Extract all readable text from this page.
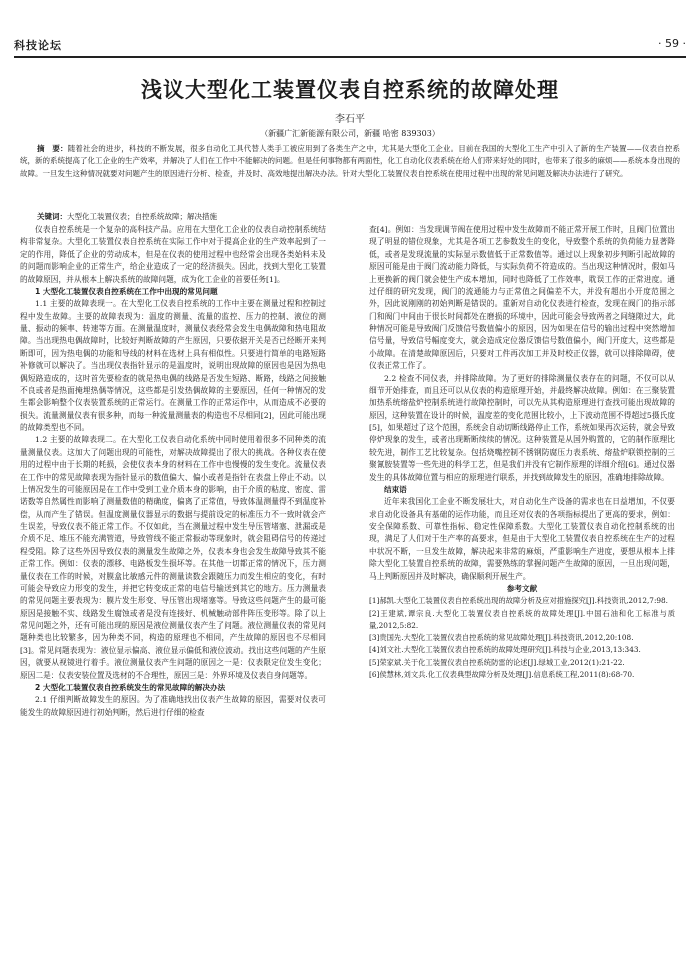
科技论坛	· 59 ·
浅议大型化工装置仪表自控系统的故障处理
李石平
（新疆广汇新能源有限公司，新疆 哈密 839303）
摘　要：随着社会的进步，科技的不断发展，很多自动化工具代替人类手工被应用到了各类生产之中，尤其是大型化工企业。目前在我国的大型化工生产中引入了新的生产装置——仪表自控系统，新的系统提高了化工企业的生产效率，并解决了人们在工作中不能解决的问题。但是任何事物都有两面性，化工自动化仪表系统在给人们带来好处的同时，也带来了很多的麻烦——系统本身出现的故障。一旦发生这种情况就要对问题产生的原因进行分析、检查，并及时、高效地提出解决办法。针对大型化工装置仪表自控系统在使用过程中出现的常见问题及解决办法进行了研究。
关键词：大型化工装置仪表；自控系统故障；解决措施

仪表自控系统是一个复杂的高科技产品。应用在大型化工企业的仪表自动控制系统结构非常复杂。大型化工装置仪表自控系统在实际工作中对于提高企业的生产效率起到了一定的作用，降低了企业的劳动成本，但是在仪表的使用过程中也经常会出现各类始料未及的问题而影响企业的正常生产，给企业造成了一定的经济损失。因此，找到大型化工装置的故障原因，并从根本上解决系统的故障问题，成为化工企业的首要任务[1]。

1 大型化工装置仪表自控系统在工作中出现的常见问题

1.1 主要的故障表现一。在大型化工仪表自控系统的工作中主要在测量过程和控制过程中发生故障。主要的故障表现为：温度的测量、流量的监控、压力的控制、液位的测量、振动的频率、转速等方面。在测量温度时，测量仪表经常会发生电偶故障和热电阻故障。当出现热电偶故障时，比较好判断故障的产生原因，只要依据开关是否已经断开来判断即可，因为热电偶的功能和导线的材料在选材上具有相似性。只要进行简单的电路短路补修就可以解决了。当出现仪表指针显示的是温度时，说明出现故障的原因也是因为热电偶短路造成的，这时首先要检查的就是热电偶的线路是否发生短路、断路，线路之间接触不良或者是热面掩埋热偶等情况，这些都是引发热偶故障的主要原因，任何一种情况的发生都会影响整个仪表装置系统的正常运行。在测量工作的正常运作中，从而造成不必要的损失。流量测量仪表有很多种，而每一种流量测量表的构造也不尽相同[2]，因此可能出现的故障类型也不同。

1.2 主要的故障表现二。在大型化工仪表自动化系统中同时使用着很多不同种类的流量测量仪表。这加大了问题出现的可能性，对解决故障提出了很大的挑战。各种仪表在使用的过程中由于长期的耗损，会使仪表本身的材料在工作中也慢慢的发生变化。流量仪表在工作中的常见故障表现为指针显示的数值偏大、偏小或者是指针在表盘上停止不动。以上情况发生的可能原因是在工作中受到工业介质本身的影响，由于介质的粘度、密度、雷诺数等自然属性而影响了测量数值的精确度，偏离了正常值，导致体温测量得不到温度补偿，从而产生了错误。但温度测量仪器显示的数据与提前设定的标准压力不一致时就会产生误差，导致仪表不能正常工作。不仅如此，当在测量过程中发生导压管堵塞、泄漏或是介质不足、堆压不能充满管道，导致管线不能正常振动等现象时，就会阻碍信号的传递过程受阻。除了这些外因导致仪表的测量发生故障之外，仪表本身也会发生故障导致其不能正常工作。例如：仪表的漂移、电路板发生损坏等。在其他一切都正常的情况下，压力测量仪表在工作的时候，对膜盒比敏感元件的测量读数会跟随压力而发生相应的变化，有时可能会导致应力形变的发生，并把它转变成正常的电信号输送到其它的地方。压力测量表的常见问题主要表现为：膜片发生形变、导压管出现堵塞等。导致这些问题产生的最可能原因是接触不实、线路发生腐蚀或者是没有连接好、机械触动部件阵压变形等。除了以上常见问题之外，还有可能出现的原因是液位测量仪表产生了问题。液位测量仪表的常见问题种类也比较繁多，因为种类不同，构造的原理也不相同，产生故障的原因也不尽相同[3]。常见问题表现为：液位显示偏高、液位显示偏低和液位波动。找出这些问题的产生原因，就要从视镜进行着手。液位测量仪表产生问题的原因之一是：仪表限定位发生变化；原因二是：仪表安装位置及选材的不合理性，原因三是：外界环境及仪表自身问题等。

2 大型化工装置仪表自控系统发生的常见故障的解决办法

2.1 仔细判断故障发生的原因。为了准确地找出仪表产生故障的原因，需要对仪表可能发生的故障原因进行初始判断，然后进行仔细的检查

查[4]。例如：当发现调节阀在使用过程中发生故障而不能正常开展工作时，且阀门位置出现了明显的错位现象，尤其是各项工艺参数发生的变化，导致整个系统的负荷能力显著降低，或者是发现流量的实际显示数值低于正常数值等。通过以上现象初步判断引起故障的原因可能是由于阀门流动能力降低，与实际负荷不符造成的。当出现这种情况时，假如马上更换新的阀门就会使生产成本增加，同时也降低了工作效率，耽误工作的正常进度。通过仔细的研究发现，阀门的流通能力与正常值之间偏差不大，并没有超出小开度范围之外，因此说刚刚的初始判断是错误的。重新对自动化仪表进行检查，发现在阀门的指示部门和阀门中间由于很长时间都处在磨损的环境中，因此可能会导致两者之间缝隙过大，此种情况可能是导致阀门反馈信号数值偏小的原因，因为如果在信号的输出过程中突然增加信号量，导致信号幅度变大，就会造成定位器反馈信号数值偏小，阀门开度大，这些都是小故障。在清楚故障原因后，只要对工件再次加工并及时校正仪器，就可以排除障碍，使仪表正常工作了。

2.2 检查不同仪表，并排除故障。为了更好的排除测量仪表存在的问题，不仅可以从细节开始排查，而且还可以从仪表的构造原理开始，并最终解决故障。例如：在三聚装置加热系统熔盐炉控制系统进行故障控制时，可以先从其构造原理进行查找可能出现故障的原因，这种装置在设计的时候，温度差的变化范围比较小，上下波动范围不得超过5摄氏度[5]，如果超过了这个范围，系统会自动切断线路停止工作，系统如果再次运转，就会导致停炉现象的发生，或者出现断断续续的情况。这种装置是从国外购置的，它的制作原理比较先进，制作工艺比较复杂。包括烧嘴控制不锈钢防腐压力表系统、熔盐炉联锁控制的三聚氰胺装置等一些先进的科学工艺，但是我们并没有它制作原理的详细介绍[6]。通过仪器发生的具体故障位置与相应的原理进行联系，并找到故障发生的原因，准确地排除故障。

结束语

近年来我国化工企业不断发展壮大，对自动化生产设备的需求也在日益增加，不仅要求自动化设备具有基础的运作功能，而且还对仪表的各项指标提出了更高的要求，例如：安全保障系数、可靠性指标、稳定性保障系数。大型化工装置仪表自动化控制系统的出现，满足了人们对于生产率的高要求，但是由于大型化工装置仪表自控系统在生产的过程中状况不断，一旦发生故障，解决起来非常的麻烦，严重影响生产进度，要想从根本上排除大型化工装置自控系统的故障，需要熟练的掌握问题产生故障的原因，一旦出现问题，马上判断原因并及时解决，确保顺利开展生产。

参考文献

[1]郝凯.大型化工装置仪表自控系统出现的故障分析及应对措施探究[J].科技资讯,2012,7:98.

[2]王建斌,谭宗良.大型化工装置仪表自控系统的故障处理[J].中国石油和化工标准与质量,2012,5:82.

[3]贵国先.大型化工装置仪表自控系统的常见故障处理[J].科技资讯,2012,20:108.

[4]刘文社.大型化工装置仪表自控系统的故障处理研究[J].科技与企业,2013,13:343.

[5]荣家斌.关于化工装置仪表自控系统防雷的论述[J].绿城工业,2012(1):21-22.

[6]侯慧林,刘文兵.化工仪表典型故障分析及处理[J].信息系统工程,2011(8):68-70.
